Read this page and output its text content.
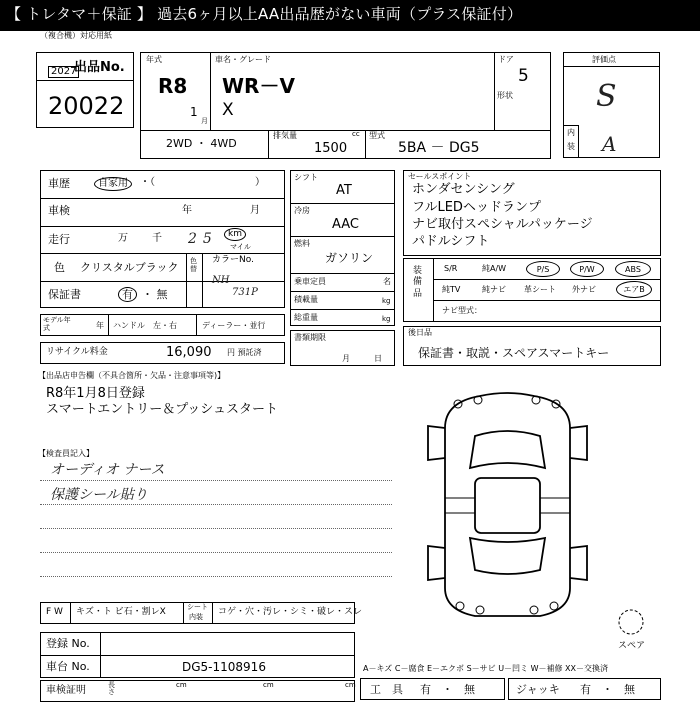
【 トレタマ＋保証 】 過去6ヶ月以上AA出品歴がない車両（プラス保証付）
（複合機）対応用紙
出品No.
2027
20022
年式
R8
1
月
車名・グレード
WR－V
X
ドア
5
形状
2WD ・ 4WD
排気量	cc
1500
型式
5BA － DG5
評価点
S
内
装 A
車歴	自家用	・（　　　　　　　　　　）
車検	年	月
走行	万 千 25	km
マイル
色 クリスタルブラック 色替
カラーNo.
NH
731P
保証書	有 ・ 無
モデル年式	年 ハンドル　左・右	ディーラー・並行
リサイクル料金	16,090 円 預託済
シフト
AT
冷房
AAC
燃料
ガソリン
乗車定員	名
積載量	kg
総重量	kg
書類期限
月	日
セールスポイント
ホンダセンシング
フルLEDヘッドランプ
ナビ取付スペシャルパッケージ
パドルシフト
装備品
S/R	純A/W	P/S	P/W	ABS
純TV	純ナビ 革シート 外ナビ	エアB
ナビ型式：
後日品
保証書・取説・スペアスマートキー
【出品店申告欄（不具合箇所・欠品・注意事項等)】
R8年1月8日登録
スマートエントリー＆プッシュスタート
【検査員記入】
オーディオ ナース
保護シール貼り
スペア
F W キズ・ト ビ石・割レX	シート
内装 コゲ・穴・汚レ・シミ・破レ・スレ
登録 No.
車台 No.	DG5-1108916
車検証明	長さ
cm	cm	cm
A－キズ C－腐食 E－エクボ S－サビ U－凹ミ W－補修 XX－交換済
工　具 有　・　無	ジャッキ 有　・　無
